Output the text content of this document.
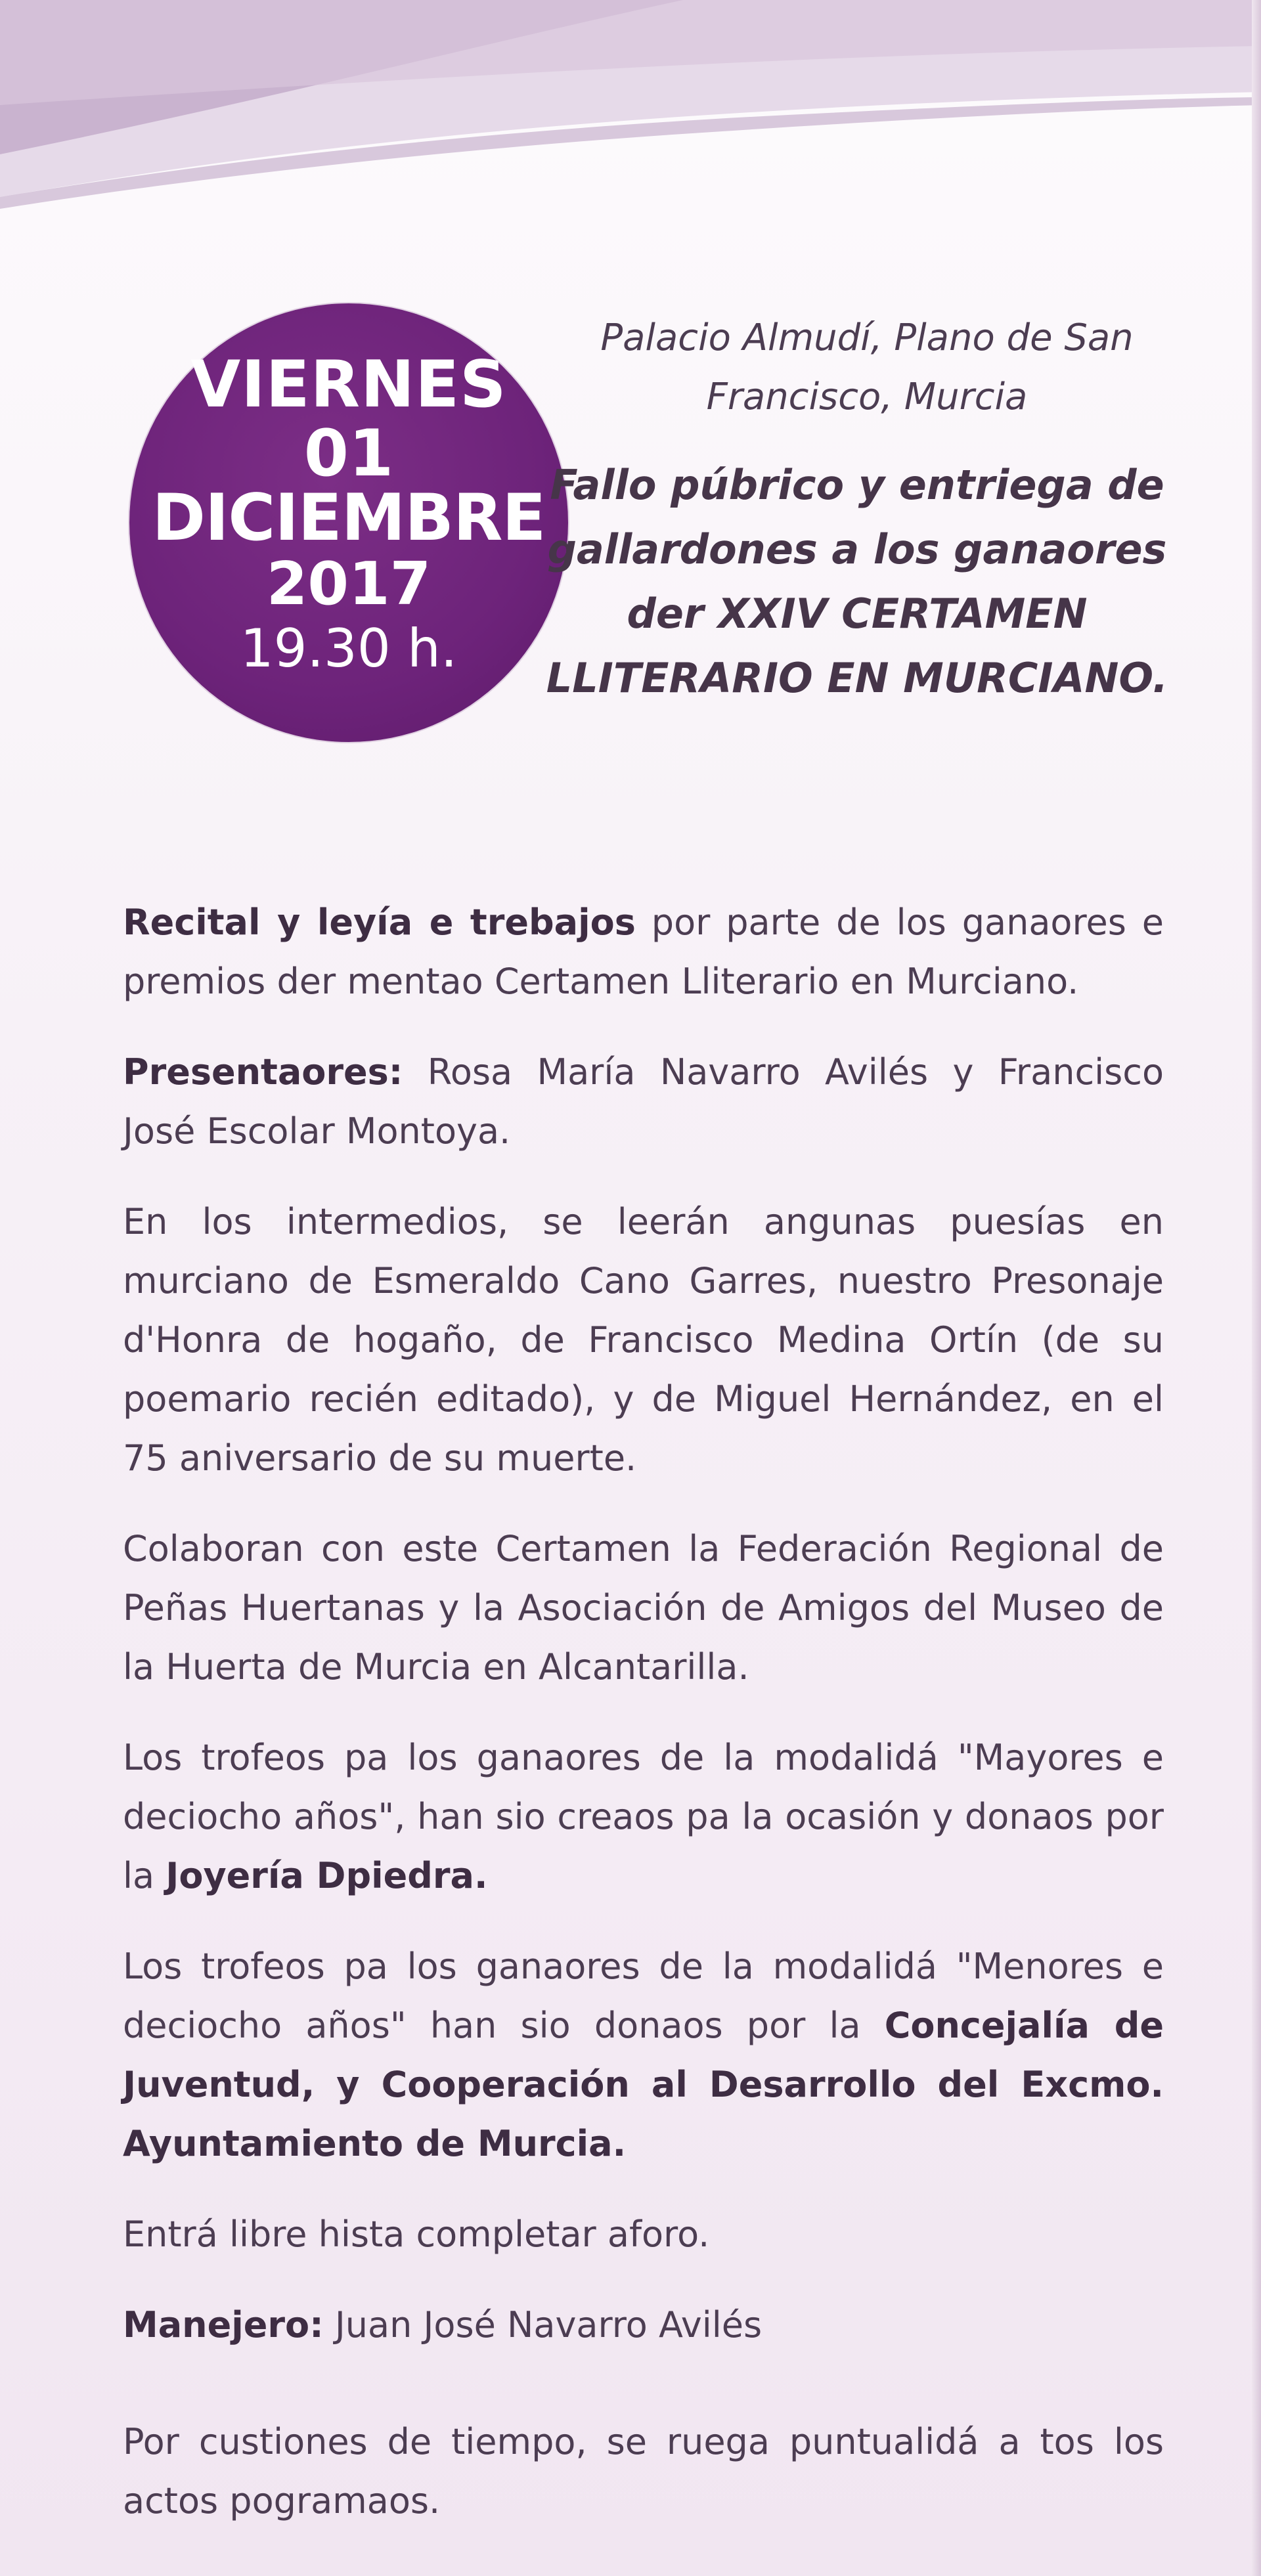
VIERNES
01
DICIEMBRE
2017
19.30 h.
Palacio Almudí, Plano de San
Francisco, Murcia
Fallo púbrico y entriega de gallardones a los ganaores der XXIV CERTAMEN LLITERARIO EN MURCIANO.

Recital y leyía e trebajos por parte de los ganaores e premios der mentao Certamen Lliterario en Murciano.

Presentaores: Rosa María Navarro Avilés y Francisco José Escolar Montoya.

En los intermedios, se leerán angunas puesías en murciano de Esmeraldo Cano Garres, nuestro Presonaje d'Honra de hogaño, de Francisco Medina Ortín (de su poemario recién editado), y de Miguel Hernández, en el 75 aniversario de su muerte.

Colaboran con este Certamen la Federación Regional de Peñas Huertanas y la Asociación de Amigos del Museo de la Huerta de Murcia en Alcantarilla.

Los trofeos pa los ganaores de la modalidá "Mayores e deciocho años", han sio creaos pa la ocasión y donaos por la Joyería Dpiedra.

Los trofeos pa los ganaores de la modalidá "Menores e deciocho años" han sio donaos por la Concejalía de Juventud, y Cooperación al Desarrollo del Excmo. Ayuntamiento de Murcia.

Entrá libre hista completar aforo.

Manejero: Juan José Navarro Avilés

Por custiones de tiempo, se ruega puntualidá a tos los actos pogramaos.
